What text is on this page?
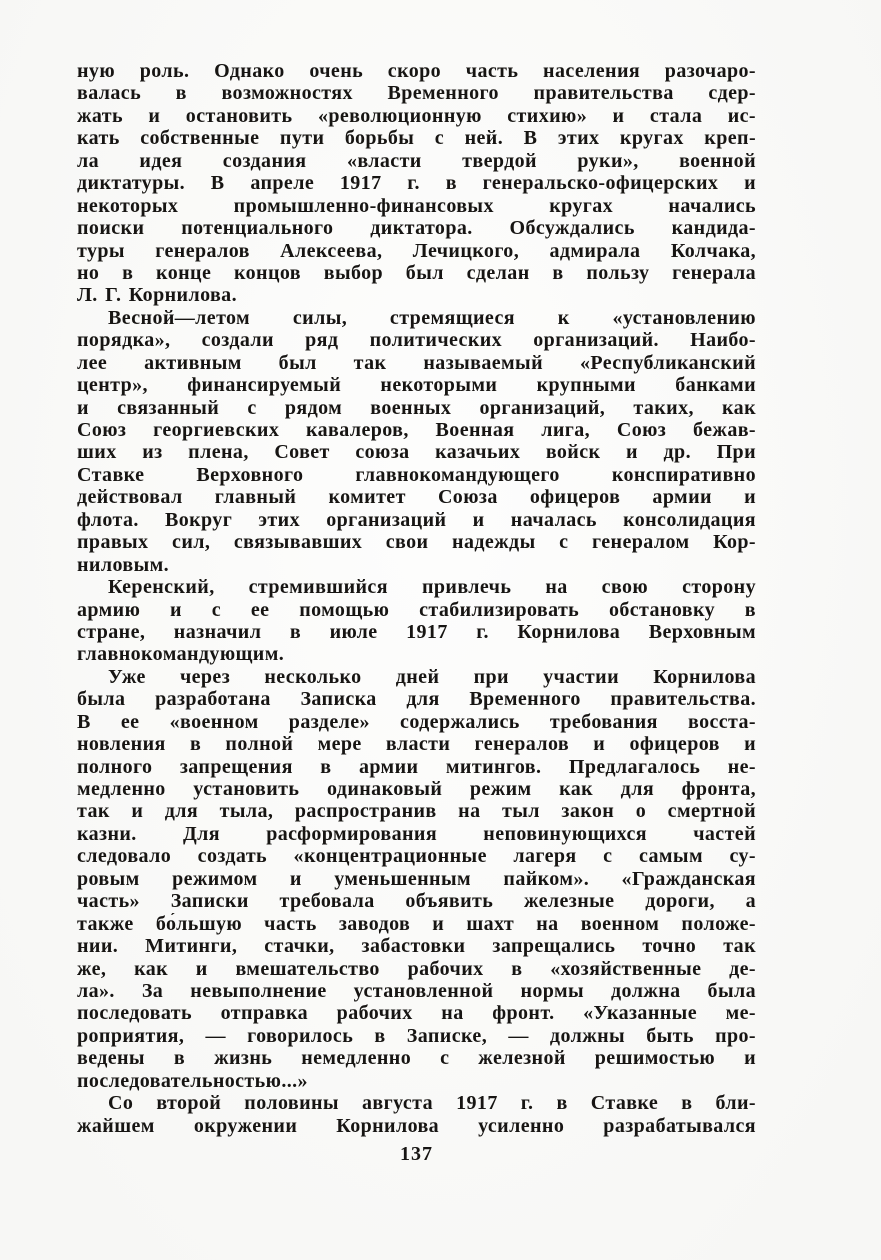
ную роль. Однако очень скоро часть населения разочаро-
валась в возможностях Временного правительства сдер-
жать и остановить «революционную стихию» и стала ис-
кать собственные пути борьбы с ней. В этих кругах креп-
ла идея создания «власти твердой руки», военной
диктатуры. В апреле 1917 г. в генеральско-офицерских и
некоторых промышленно-финансовых кругах начались
поиски потенциального диктатора. Обсуждались кандида-
туры генералов Алексеева, Лечицкого, адмирала Колчака,
но в конце концов выбор был сделан в пользу генерала
Л. Г. Корнилова.
Весной—летом силы, стремящиеся к «установлению
порядка», создали ряд политических организаций. Наибо-
лее активным был так называемый «Республиканский
центр», финансируемый некоторыми крупными банками
и связанный с рядом военных организаций, таких, как
Союз георгиевских кавалеров, Военная лига, Союз бежав-
ших из плена, Совет союза казачьих войск и др. При
Ставке Верховного главнокомандующего конспиративно
действовал главный комитет Союза офицеров армии и
флота. Вокруг этих организаций и началась консолидация
правых сил, связывавших свои надежды с генералом Кор-
ниловым.
Керенский, стремившийся привлечь на свою сторону
армию и с ее помощью стабилизировать обстановку в
стране, назначил в июле 1917 г. Корнилова Верховным
главнокомандующим.
Уже через несколько дней при участии Корнилова
была разработана Записка для Временного правительства.
В ее «военном разделе» содержались требования восста-
новления в полной мере власти генералов и офицеров и
полного запрещения в армии митингов. Предлагалось не-
медленно установить одинаковый режим как для фронта,
так и для тыла, распространив на тыл закон о смертной
казни. Для расформирования неповинующихся частей
следовало создать «концентрационные лагеря с самым су-
ровым режимом и уменьшенным пайком». «Гражданская
часть» Записки требовала объявить железные дороги, а
также бо́льшую часть заводов и шахт на военном положе-
нии. Митинги, стачки, забастовки запрещались точно так
же, как и вмешательство рабочих в «хозяйственные де-
ла». За невыполнение установленной нормы должна была
последовать отправка рабочих на фронт. «Указанные ме-
роприятия, — говорилось в Записке, — должны быть про-
ведены в жизнь немедленно с железной решимостью и
последовательностью...»
Со второй половины августа 1917 г. в Ставке в бли-
жайшем окружении Корнилова усиленно разрабатывался
137
